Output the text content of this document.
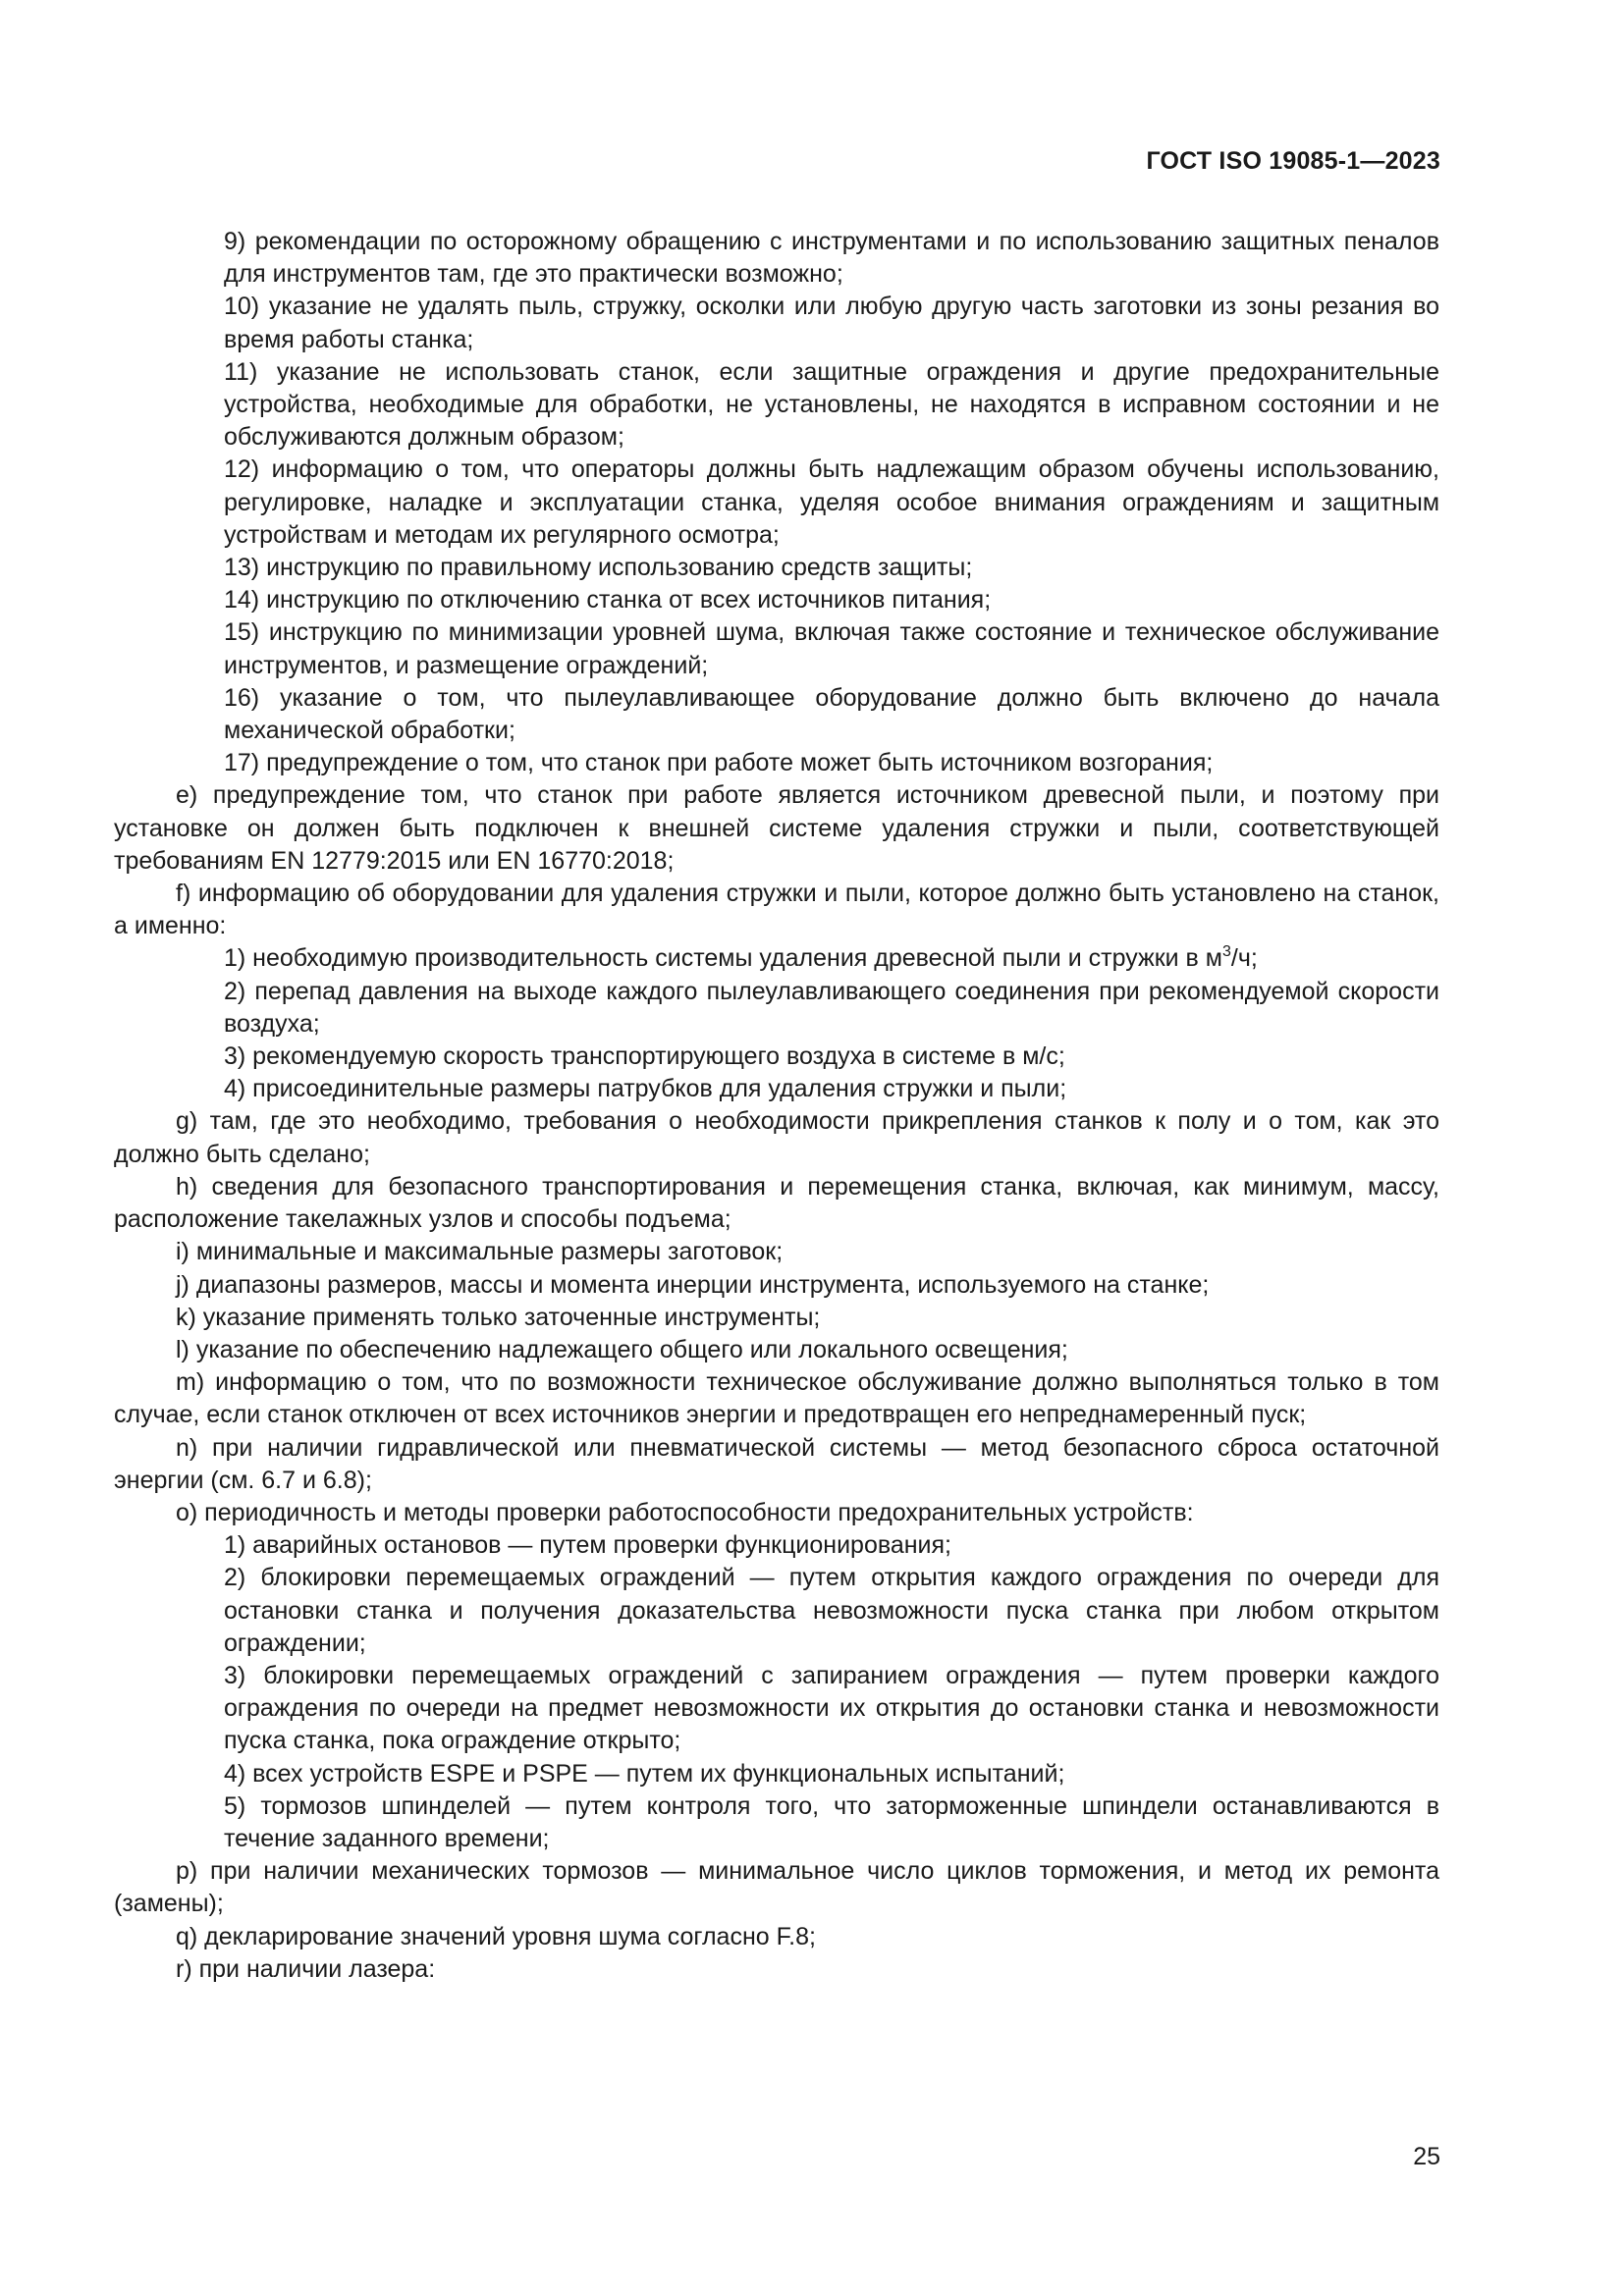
ГОСТ ISO 19085-1—2023

9) рекомендации по осторожному обращению с инструментами и по использованию защитных пеналов для инструментов там, где это практически возможно;

10) указание не удалять пыль, стружку, осколки или любую другую часть заготовки из зоны резания во время работы станка;

11) указание не использовать станок, если защитные ограждения и другие предохранительные устройства, необходимые для обработки, не установлены, не находятся в исправном состоянии и не обслуживаются должным образом;

12) информацию о том, что операторы должны быть надлежащим образом обучены использованию, регулировке, наладке и эксплуатации станка, уделяя особое внимания ограждениям и защитным устройствам и методам их регулярного осмотра;

13) инструкцию по правильному использованию средств защиты;

14) инструкцию по отключению станка от всех источников питания;

15) инструкцию по минимизации уровней шума, включая также состояние и техническое обслуживание инструментов, и размещение ограждений;

16) указание о том, что пылеулавливающее оборудование должно быть включено до начала механической обработки;

17) предупреждение о том, что станок при работе может быть источником возгорания;

e) предупреждение том, что станок при работе является источником древесной пыли, и поэтому при установке он должен быть подключен к внешней системе удаления стружки и пыли, соответствующей требованиям EN 12779:2015 или EN 16770:2018;

f) информацию об оборудовании для удаления стружки и пыли, которое должно быть установлено на станок, а именно:

1) необходимую производительность системы удаления древесной пыли и стружки в $м^3/ч$;

2) перепад давления на выходе каждого пылеулавливающего соединения при рекомендуемой скорости воздуха;

3) рекомендуемую скорость транспортирующего воздуха в системе в м/с;

4) присоединительные размеры патрубков для удаления стружки и пыли;

g) там, где это необходимо, требования о необходимости прикрепления станков к полу и о том, как это должно быть сделано;

h) сведения для безопасного транспортирования и перемещения станка, включая, как минимум, массу, расположение такелажных узлов и способы подъема;

i) минимальные и максимальные размеры заготовок;

j) диапазоны размеров, массы и момента инерции инструмента, используемого на станке;

k) указание применять только заточенные инструменты;

l) указание по обеспечению надлежащего общего или локального освещения;

m) информацию о том, что по возможности техническое обслуживание должно выполняться только в том случае, если станок отключен от всех источников энергии и предотвращен его непреднамеренный пуск;

n) при наличии гидравлической или пневматической системы — метод безопасного сброса остаточной энергии (см. 6.7 и 6.8);

o) периодичность и методы проверки работоспособности предохранительных устройств:

1) аварийных остановов — путем проверки функционирования;

2) блокировки перемещаемых ограждений — путем открытия каждого ограждения по очереди для остановки станка и получения доказательства невозможности пуска станка при любом открытом ограждении;

3) блокировки перемещаемых ограждений с запиранием ограждения — путем проверки каждого ограждения по очереди на предмет невозможности их открытия до остановки станка и невозможности пуска станка, пока ограждение открыто;

4) всех устройств ESPE и PSPE — путем их функциональных испытаний;

5) тормозов шпинделей — путем контроля того, что заторможенные шпиндели останавливаются в течение заданного времени;

p) при наличии механических тормозов — минимальное число циклов торможения, и метод их ремонта (замены);

q) декларирование значений уровня шума согласно F.8;

r) при наличии лазера:

25
